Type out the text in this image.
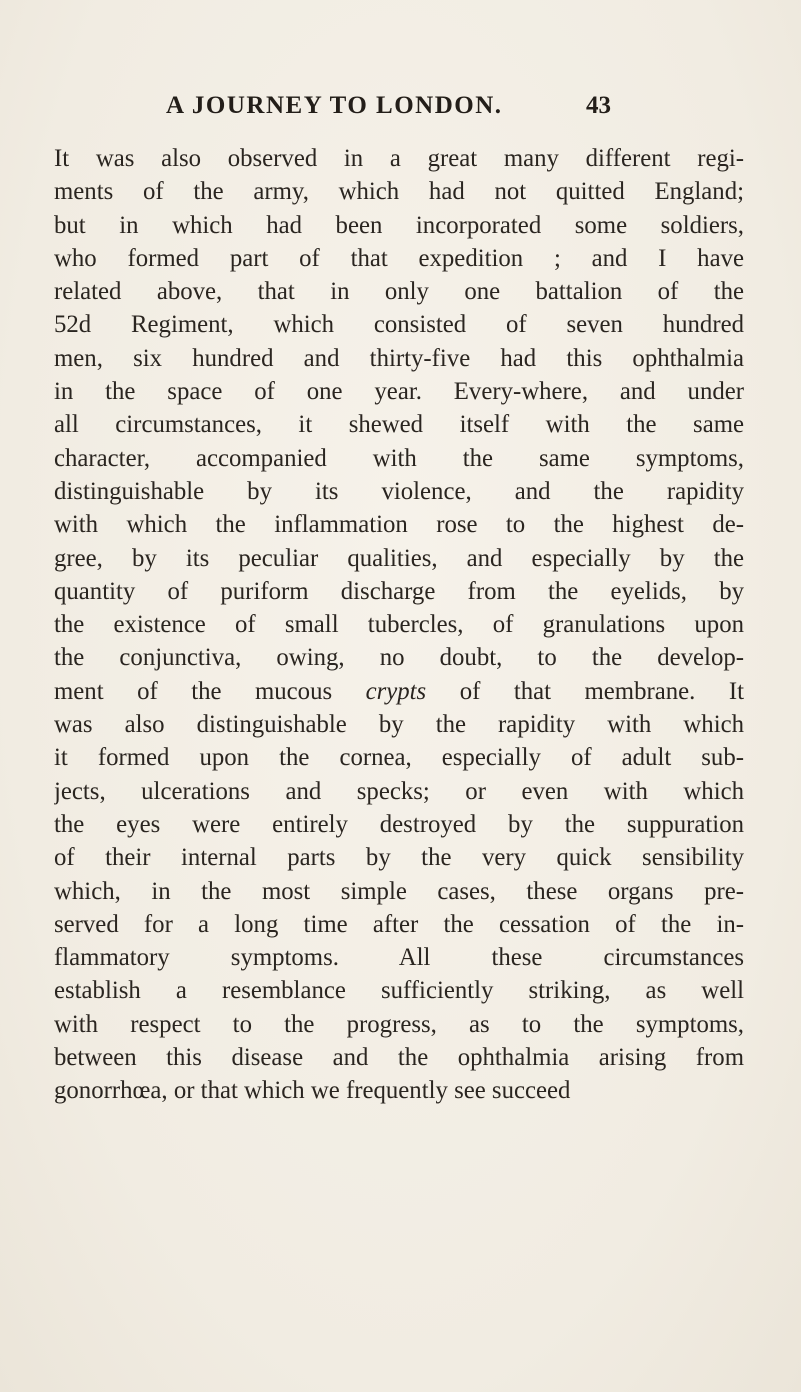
A JOURNEY TO LONDON.	43
It was also observed in a great many different regi-
ments of the army, which had not quitted England;
but in which had been incorporated some soldiers,
who formed part of that expedition ; and I have
related above, that in only one battalion of the
52d Regiment, which consisted of seven hundred
men, six hundred and thirty-five had this ophthalmia
in the space of one year. Every-where, and under
all circumstances, it shewed itself with the same
character, accompanied with the same symptoms,
distinguishable by its violence, and the rapidity
with which the inflammation rose to the highest de-
gree, by its peculiar qualities, and especially by the
quantity of puriform discharge from the eyelids, by
the existence of small tubercles, of granulations upon
the conjunctiva, owing, no doubt, to the develop-
ment of the mucous crypts of that membrane. It
was also distinguishable by the rapidity with which
it formed upon the cornea, especially of adult sub-
jects, ulcerations and specks; or even with which
the eyes were entirely destroyed by the suppuration
of their internal parts by the very quick sensibility
which, in the most simple cases, these organs pre-
served for a long time after the cessation of the in-
flammatory symptoms. All these circumstances
establish a resemblance sufficiently striking, as well
with respect to the progress, as to the symptoms,
between this disease and the ophthalmia arising from
gonorrhœa, or that which we frequently see succeed
